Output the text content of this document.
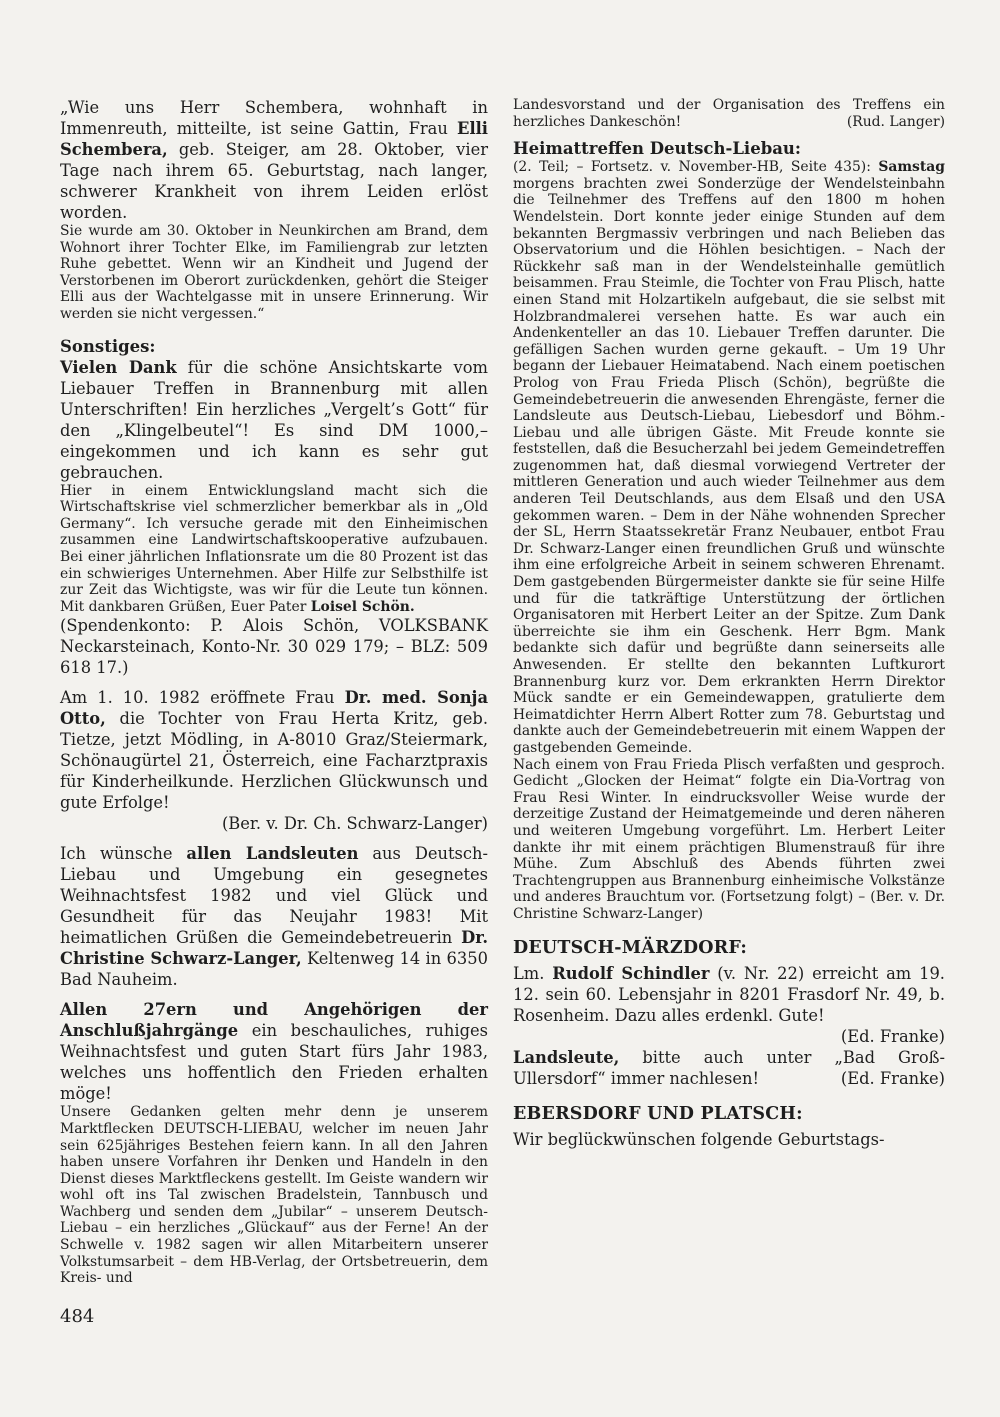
„Wie uns Herr Schembera, wohnhaft in Immenreuth, mitteilte, ist seine Gattin, Frau Elli Schembera, geb. Steiger, am 28. Oktober, vier Tage nach ihrem 65. Geburtstag, nach langer, schwerer Krankheit von ihrem Leiden erlöst worden.

Sie wurde am 30. Oktober in Neunkirchen am Brand, dem Wohnort ihrer Tochter Elke, im Familiengrab zur letzten Ruhe gebettet. Wenn wir an Kindheit und Jugend der Verstorbenen im Oberort zurückdenken, gehört die Steiger Elli aus der Wachtelgasse mit in unsere Erinnerung. Wir werden sie nicht vergessen.“

Sonstiges:

Vielen Dank für die schöne Ansichtskarte vom Liebauer Treffen in Brannenburg mit allen Unterschriften! Ein herzliches „Vergelt’s Gott“ für den „Klingelbeutel“! Es sind DM 1000,– eingekommen und ich kann es sehr gut gebrauchen.

Hier in einem Entwicklungsland macht sich die Wirtschaftskrise viel schmerzlicher bemerkbar als in „Old Germany“. Ich versuche gerade mit den Einheimischen zusammen eine Landwirtschaftskooperative aufzubauen. Bei einer jährlichen Inflationsrate um die 80 Prozent ist das ein schwieriges Unternehmen. Aber Hilfe zur Selbsthilfe ist zur Zeit das Wichtigste, was wir für die Leute tun können. Mit dankbaren Grüßen, Euer Pater Loisel Schön.

(Spendenkonto: P. Alois Schön, VOLKSBANK Neckarsteinach, Konto-Nr. 30 029 179; – BLZ: 509 618 17.)

Am 1. 10. 1982 eröffnete Frau Dr. med. Sonja Otto, die Tochter von Frau Herta Kritz, geb. Tietze, jetzt Mödling, in A-8010 Graz/Steiermark, Schönaugürtel 21, Österreich, eine Facharztpraxis für Kinderheilkunde. Herzlichen Glückwunsch und gute Erfolge!

(Ber. v. Dr. Ch. Schwarz-Langer)

Ich wünsche allen Landsleuten aus Deutsch-Liebau und Umgebung ein gesegnetes Weihnachtsfest 1982 und viel Glück und Gesundheit für das Neujahr 1983! Mit heimatlichen Grüßen die Gemeindebetreuerin Dr. Christine Schwarz-Langer, Keltenweg 14 in 6350 Bad Nauheim.

Allen 27ern und Angehörigen der Anschlußjahrgänge ein beschauliches, ruhiges Weihnachtsfest und guten Start fürs Jahr 1983, welches uns hoffentlich den Frieden erhalten möge!

Unsere Gedanken gelten mehr denn je unserem Marktflecken DEUTSCH-LIEBAU, welcher im neuen Jahr sein 625jähriges Bestehen feiern kann. In all den Jahren haben unsere Vorfahren ihr Denken und Handeln in den Dienst dieses Marktfleckens gestellt. Im Geiste wandern wir wohl oft ins Tal zwischen Bradelstein, Tannbusch und Wachberg und senden dem „Jubilar“ – unserem Deutsch-Liebau – ein herzliches „Glückauf“ aus der Ferne! An der Schwelle v. 1982 sagen wir allen Mitarbeitern unserer Volkstumsarbeit – dem HB-Verlag, der Ortsbetreuerin, dem Kreis- und

Landesvorstand und der Organisation des Treffens ein herzliches Dankeschön!	(Rud. Langer)

Heimattreffen Deutsch-Liebau:

(2. Teil; – Fortsetz. v. November-HB, Seite 435): Samstag morgens brachten zwei Sonderzüge der Wendelsteinbahn die Teilnehmer des Treffens auf den 1800 m hohen Wendelstein. Dort konnte jeder einige Stunden auf dem bekannten Bergmassiv verbringen und nach Belieben das Observatorium und die Höhlen besichtigen. – Nach der Rückkehr saß man in der Wendelsteinhalle gemütlich beisammen. Frau Steimle, die Tochter von Frau Plisch, hatte einen Stand mit Holzartikeln aufgebaut, die sie selbst mit Holzbrandmalerei versehen hatte. Es war auch ein Andenkenteller an das 10. Liebauer Treffen darunter. Die gefälligen Sachen wurden gerne gekauft. – Um 19 Uhr begann der Liebauer Heimatabend. Nach einem poetischen Prolog von Frau Frieda Plisch (Schön), begrüßte die Gemeindebetreuerin die anwesenden Ehrengäste, ferner die Landsleute aus Deutsch-Liebau, Liebesdorf und Böhm.-Liebau und alle übrigen Gäste. Mit Freude konnte sie feststellen, daß die Besucherzahl bei jedem Gemeindetreffen zugenommen hat, daß diesmal vorwiegend Vertreter der mittleren Generation und auch wieder Teilnehmer aus dem anderen Teil Deutschlands, aus dem Elsaß und den USA gekommen waren. – Dem in der Nähe wohnenden Sprecher der SL, Herrn Staatssekretär Franz Neubauer, entbot Frau Dr. Schwarz-Langer einen freundlichen Gruß und wünschte ihm eine erfolgreiche Arbeit in seinem schweren Ehrenamt. Dem gastgebenden Bürgermeister dankte sie für seine Hilfe und für die tatkräftige Unterstützung der örtlichen Organisatoren mit Herbert Leiter an der Spitze. Zum Dank überreichte sie ihm ein Geschenk. Herr Bgm. Mank bedankte sich dafür und begrüßte dann seinerseits alle Anwesenden. Er stellte den bekannten Luftkurort Brannenburg kurz vor. Dem erkrankten Herrn Direktor Mück sandte er ein Gemeindewappen, gratulierte dem Heimatdichter Herrn Albert Rotter zum 78. Geburtstag und dankte auch der Gemeindebetreuerin mit einem Wappen der gastgebenden Gemeinde.

Nach einem von Frau Frieda Plisch verfaßten und gesproch. Gedicht „Glocken der Heimat“ folgte ein Dia-Vortrag von Frau Resi Winter. In eindrucksvoller Weise wurde der derzeitige Zustand der Heimatgemeinde und deren näheren und weiteren Umgebung vorgeführt. Lm. Herbert Leiter dankte ihr mit einem prächtigen Blumenstrauß für ihre Mühe. Zum Abschluß des Abends führten zwei Trachtengruppen aus Brannenburg einheimische Volkstänze und anderes Brauchtum vor. (Fortsetzung folgt) – (Ber. v. Dr. Christine Schwarz-Langer)

DEUTSCH-MÄRZDORF:

Lm. Rudolf Schindler (v. Nr. 22) erreicht am 19. 12. sein 60. Lebensjahr in 8201 Frasdorf Nr. 49, b. Rosenheim. Dazu alles erdenkl. Gute!

(Ed. Franke)

Landsleute, bitte auch unter „Bad Groß-Ullersdorf“ immer nachlesen!	(Ed. Franke)

EBERSDORF UND PLATSCH:

Wir beglückwünschen folgende Geburtstags-

484
